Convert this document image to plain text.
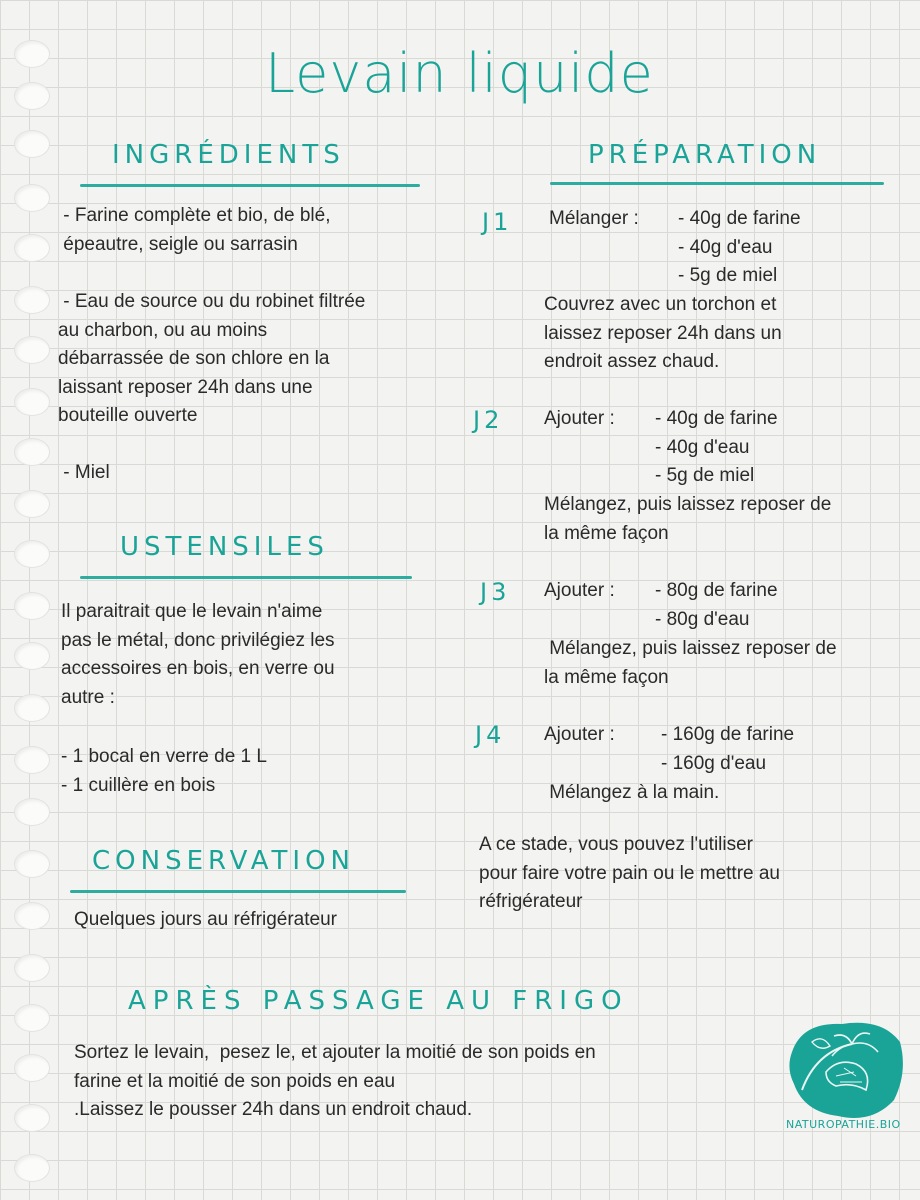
Levain liquide
INGRÉDIENTS
- Farine complète et bio, de blé,
épeautre, seigle ou sarrasin
- Eau de source ou du robinet filtrée
au charbon, ou au moins
débarrassée de son chlore en la
laissant reposer 24h dans une
bouteille ouverte
- Miel
USTENSILES
Il paraitrait que le levain n'aime
pas le métal, donc privilégiez les
accessoires en bois, en verre ou
autre :
- 1 bocal en verre de 1 L
- 1 cuillère en bois
CONSERVATION
Quelques jours au réfrigérateur
PRÉPARATION
J1 Mélanger : - 40g de farine
- 40g d'eau
- 5g de miel
Couvrez avec un torchon et
laissez reposer 24h dans un
endroit assez chaud.
J2 Ajouter : - 40g de farine
- 40g d'eau
- 5g de miel
Mélangez, puis laissez reposer de
la même façon
J3 Ajouter : - 80g de farine
- 80g d'eau
Mélangez, puis laissez reposer de
la même façon
J4 Ajouter : - 160g de farine
- 160g d'eau
Mélangez à la main.
A ce stade, vous pouvez l'utiliser
pour faire votre pain ou le mettre au
réfrigérateur
APRÈS PASSAGE AU FRIGO
Sortez le levain,  pesez le, et ajouter la moitié de son poids en
farine et la moitié de son poids en eau
.Laissez le pousser 24h dans un endroit chaud.
NATUROPATHIE.BIO
